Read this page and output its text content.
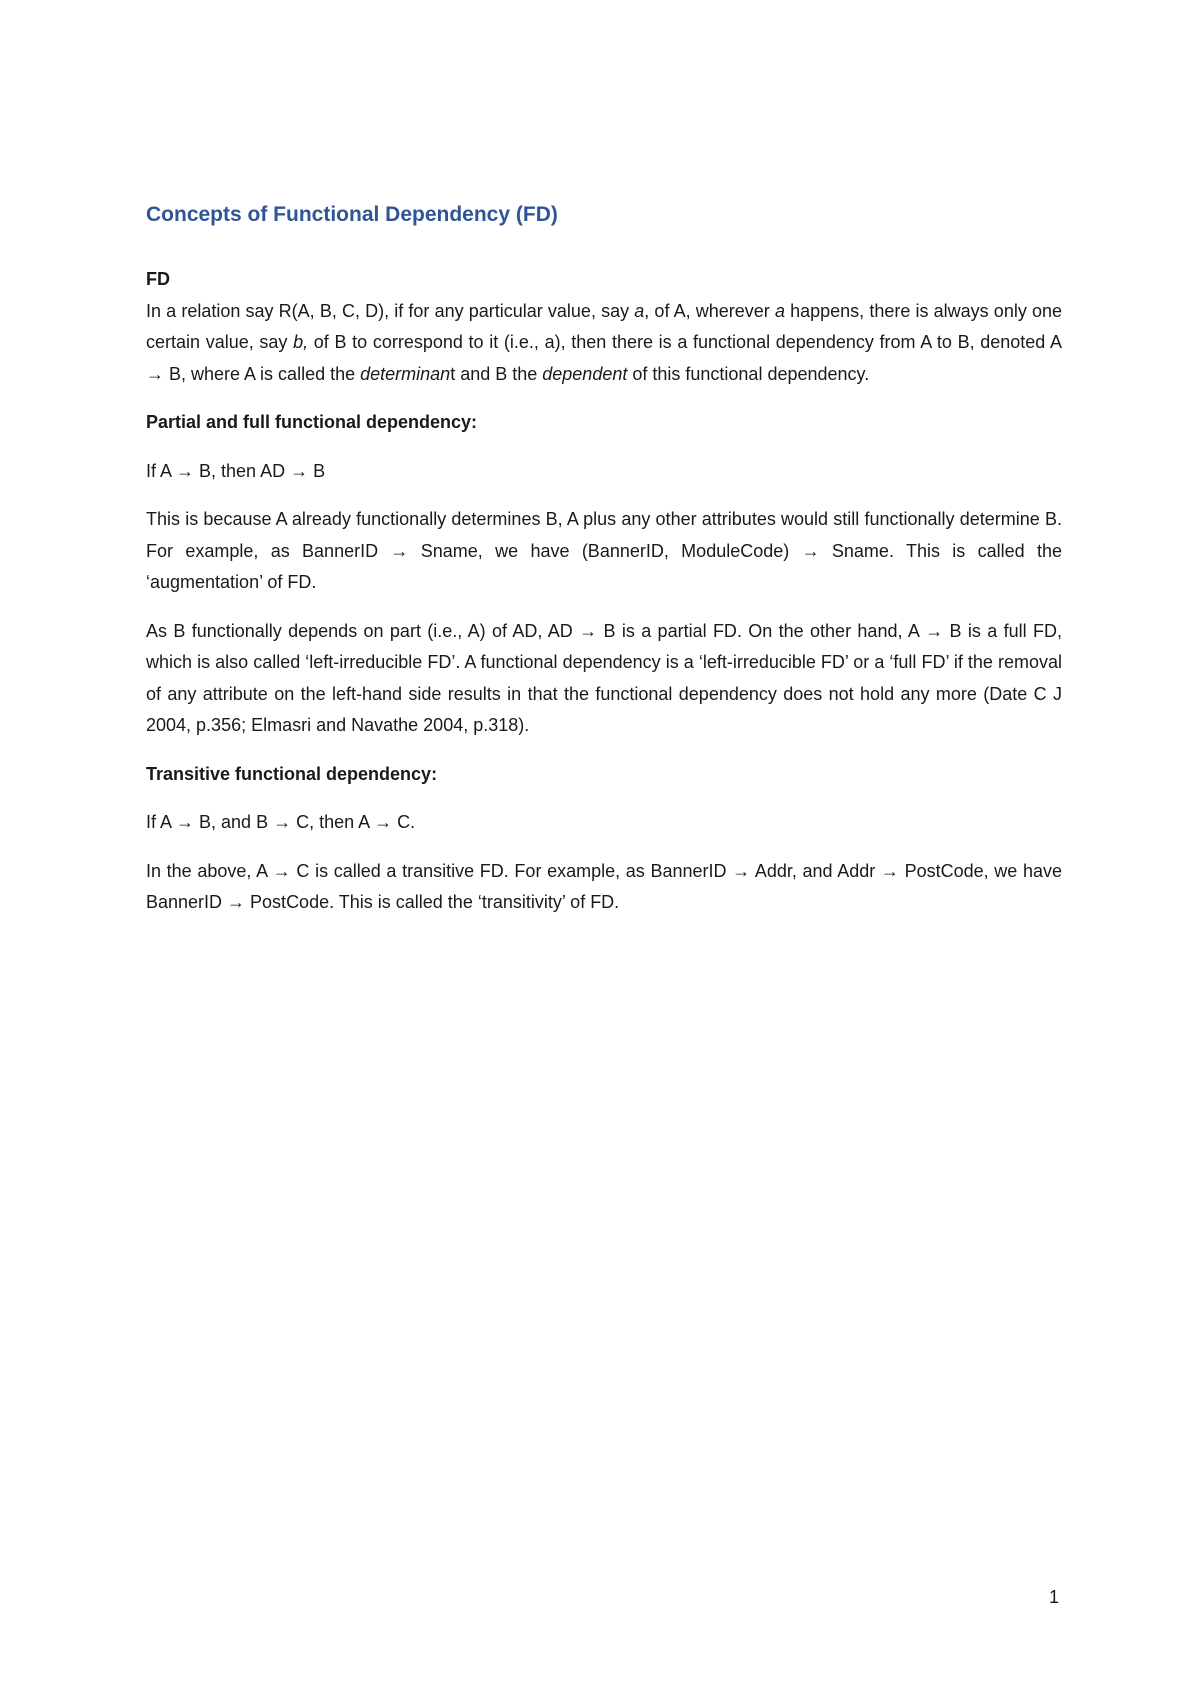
Concepts of Functional Dependency (FD)

FD

In a relation say R(A, B, C, D), if for any particular value, say a, of A, wherever a happens, there is always only one certain value, say b, of B to correspond to it (i.e., a), then there is a functional dependency from A to B, denoted A → B, where A is called the determinant and B the dependent of this functional dependency.

Partial and full functional dependency:

If A → B, then AD → B

This is because A already functionally determines B, A plus any other attributes would still functionally determine B. For example, as BannerID → Sname, we have (BannerID, ModuleCode) → Sname. This is called the ‘augmentation’ of FD.

As B functionally depends on part (i.e., A) of AD, AD → B is a partial FD. On the other hand, A → B is a full FD, which is also called ‘left-irreducible FD’. A functional dependency is a ‘left-irreducible FD’ or a ‘full FD’ if the removal of any attribute on the left-hand side results in that the functional dependency does not hold any more (Date C J 2004, p.356; Elmasri and Navathe 2004, p.318).

Transitive functional dependency:

If A → B, and B → C, then A → C.

In the above, A → C is called a transitive FD. For example, as BannerID → Addr, and Addr → PostCode, we have BannerID → PostCode. This is called the ‘transitivity’ of FD.

1
